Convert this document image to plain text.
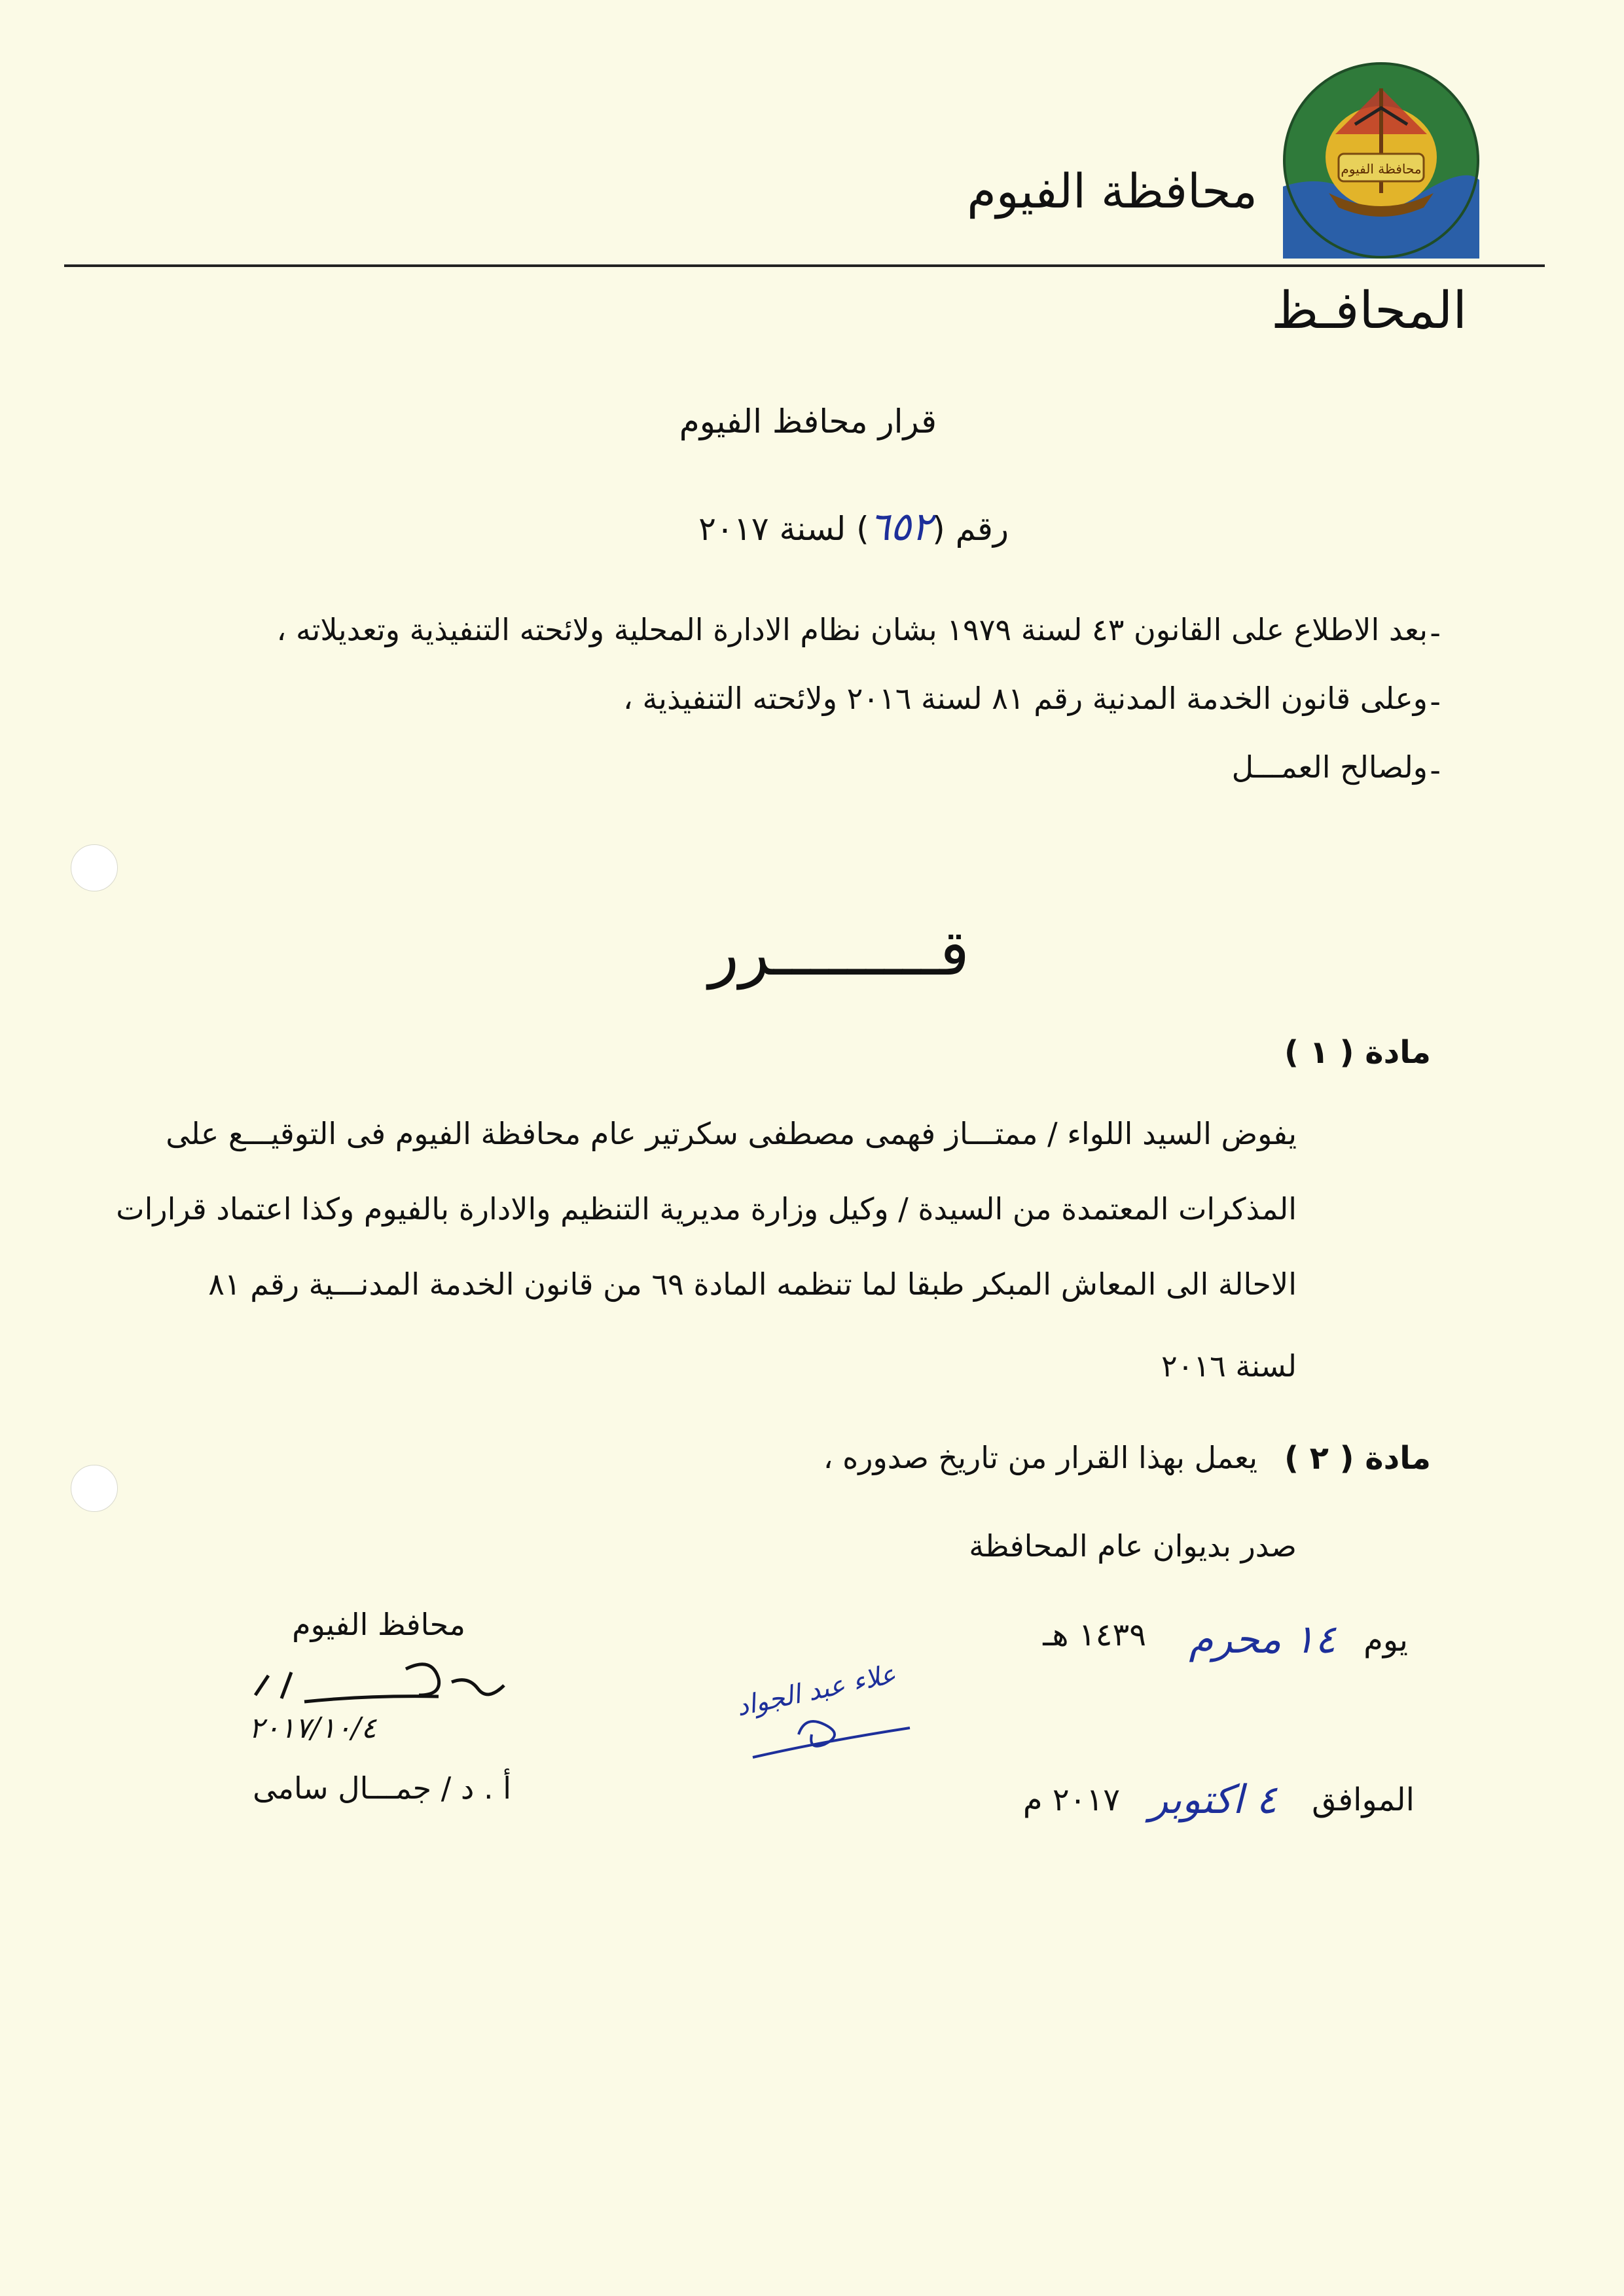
محافظة الفيوم
محافظة الفيوم
المحافـظ
قرار محافظ الفيوم
رقم (٦٥٢) لسنة ٢٠١٧
-
بعد الاطلاع على القانون ٤٣ لسنة ١٩٧٩ بشان نظام الادارة المحلية ولائحته التنفيذية وتعديلاته ،
-
وعلى قانون الخدمة المدنية رقم ٨١ لسنة ٢٠١٦ ولائحته التنفيذية ،
-
ولصالح العمـــل
قـــــــــرر
مادة ( ١ )
يفوض السيد اللواء / ممتـــاز فهمى مصطفى سكرتير عام محافظة الفيوم فى التوقيـــع على
المذكرات المعتمدة من السيدة / وكيل وزارة مديرية التنظيم والادارة بالفيوم وكذا اعتماد قرارات
الاحالة الى المعاش المبكر طبقا لما تنظمه المادة ٦٩ من قانون الخدمة المدنـــية رقم ٨١
لسنة ٢٠١٦
مادة ( ٢ )
يعمل بهذا القرار من تاريخ صدوره ،
صدر بديوان عام المحافظة
يوم
١٤ محرم
١٤٣٩ هـ
الموافق
٤ اكتوبر
٢٠١٧ م
علاء عبد الجواد
محافظ الفيوم
٢٠١٧/١٠/٤
أ . د / جمـــال سامى
